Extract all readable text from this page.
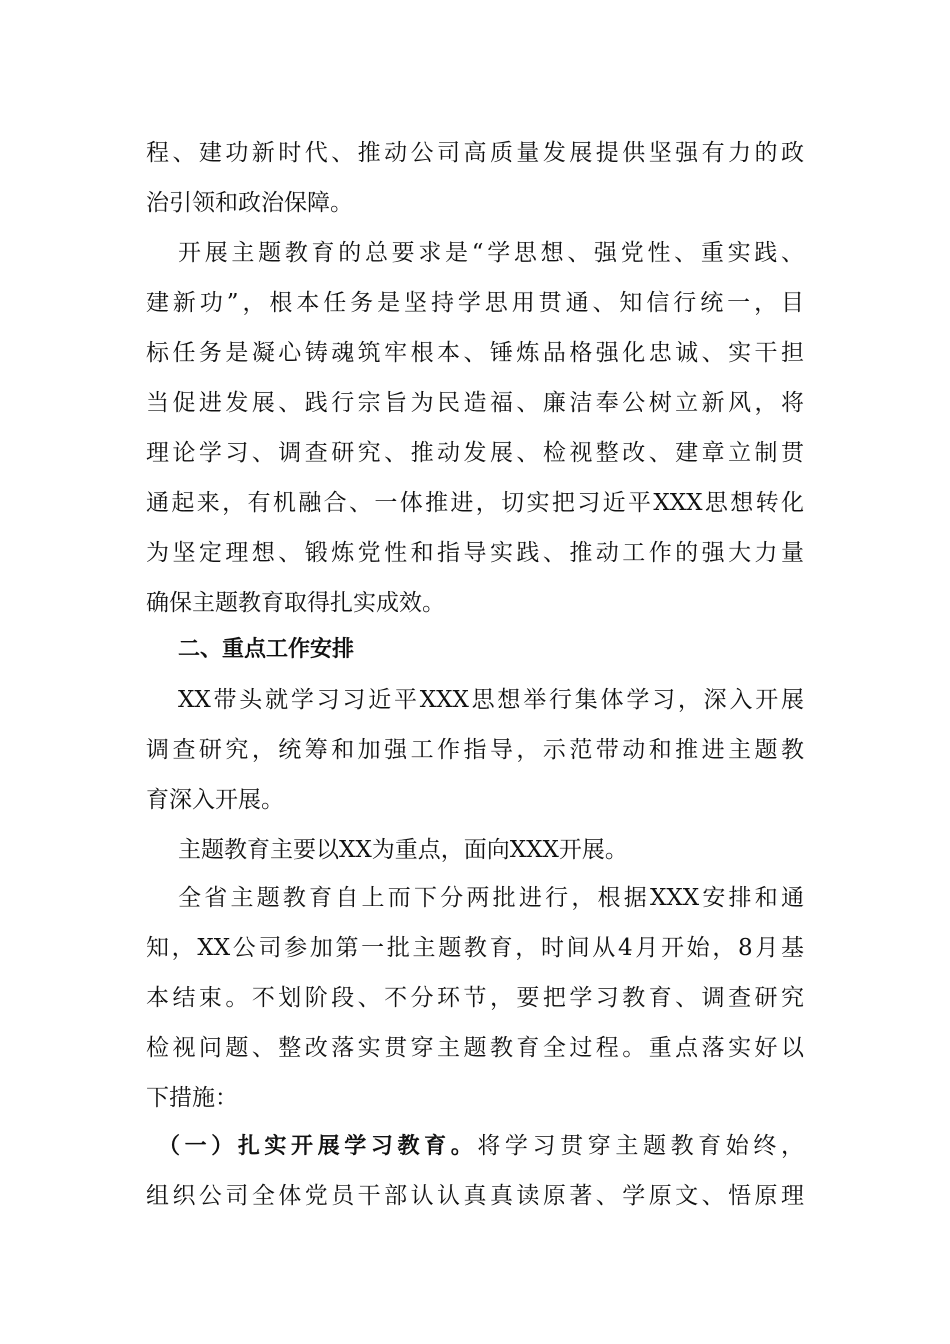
程、建功新时代、推动公司高质量发展提供坚强有力的政
治引领和政治保障。
开展主题教育的总要求是“学思想、强党性、重实践、
建新功”，根本任务是坚持学思用贯通、知信行统一，目
标任务是凝心铸魂筑牢根本、锤炼品格强化忠诚、实干担
当促进发展、践行宗旨为民造福、廉洁奉公树立新风，将
理论学习、调查研究、推动发展、检视整改、建章立制贯
通起来，有机融合、一体推进，切实把习近平XXX思想转化
为坚定理想、锻炼党性和指导实践、推动工作的强大力量
确保主题教育取得扎实成效。
二、重点工作安排
XX带头就学习习近平XXX思想举行集体学习，深入开展
调查研究，统筹和加强工作指导，示范带动和推进主题教
育深入开展。
主题教育主要以XX为重点，面向XXX开展。
全省主题教育自上而下分两批进行，根据XXX安排和通
知，XX公司参加第一批主题教育，时间从4月开始，8月基
本结束。不划阶段、不分环节，要把学习教育、调查研究
检视问题、整改落实贯穿主题教育全过程。重点落实好以
下措施：
（一）扎实开展学习教育。将学习贯穿主题教育始终，
组织公司全体党员干部认认真真读原著、学原文、悟原理
